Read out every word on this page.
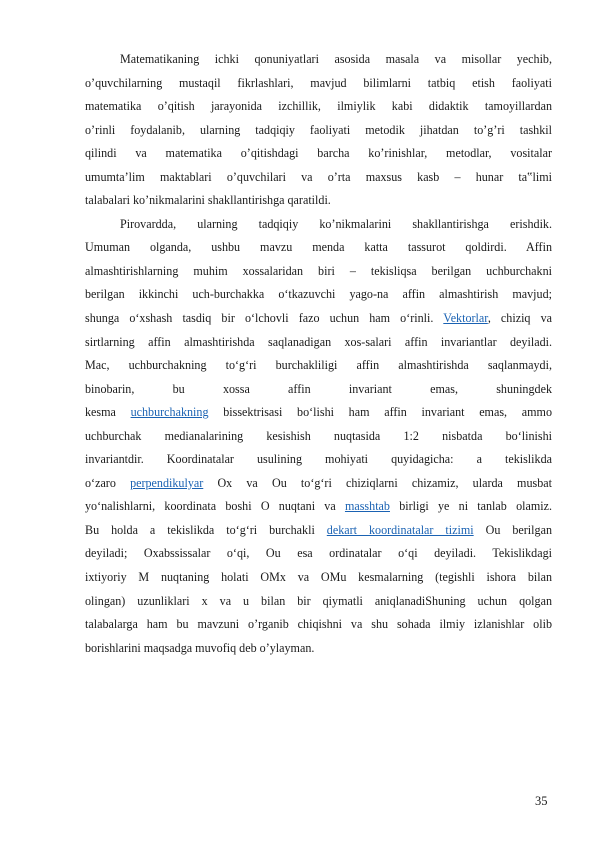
Matematikaning ichki qonuniyatlari asosida masala va misollar yechib,
o’quvchilarning mustaqil fikrlashlari, mavjud bilimlarni tatbiq etish faoliyati
matematika o’qitish jarayonida izchillik, ilmiylik kabi didaktik tamoyillardan
o’rinli foydalanib, ularning tadqiqiy faoliyati metodik jihatdan to’g’ri tashkil
qilindi va matematika o’qitishdagi barcha ko’rinishlar, metodlar, vositalar
umumta’lim maktablari o’quvchilari va o’rta maxsus kasb – hunar ta‟limi
talabalari ko’nikmalarini shakllantirishga qaratildi.
Pirovardda, ularning tadqiqiy ko’nikmalarini shakllantirishga erishdik.
Umuman olganda, ushbu mavzu menda katta tassurot qoldirdi. Affin
almashtirishlarning muhim xossalaridan biri – tekisliqsa berilgan uchburchakni
berilgan ikkinchi uch-burchakka o‘tkazuvchi yago-na affin almashtirish mavjud;
shunga o‘xshash tasdiq bir o‘lchovli fazo uchun ham o‘rinli. Vektorlar, chiziq va
sirtlarning affin almashtirishda saqlanadigan xos-salari affin invariantlar deyiladi.
Mac, uchburchakning to‘g‘ri burchakliligi affin almashtirishda saqlanmaydi,
binobarin, bu xossa affin invariant emas, shuningdek
kesma uchburchakning bissektrisasi bo‘lishi ham affin invariant emas, ammo
uchburchak medianalarining kesishish nuqtasida 1:2 nisbatda bo‘linishi
invariantdir. Koordinatalar usulining mohiyati quyidagicha: a tekislikda
o‘zaro perpendikulyar Ox va Ou to‘g‘ri chiziqlarni chizamiz, ularda musbat
yo‘nalishlarni, koordinata boshi O nuqtani va masshtab birligi ye ni tanlab olamiz.
Bu holda a tekislikda to‘g‘ri burchakli dekart koordinatalar tizimi Ou berilgan
deyiladi; Oxabssissalar o‘qi, Ou esa ordinatalar o‘qi deyiladi. Tekislikdagi
ixtiyoriy M nuqtaning holati OMx va OMu kesmalarning (tegishli ishora bilan
olingan) uzunliklari x va u bilan bir qiymatli aniqlanadiShuning uchun qolgan
talabalarga ham bu mavzuni o’rganib chiqishni va shu sohada ilmiy izlanishlar olib
borishlarini maqsadga muvofiq deb o’ylayman.
35
